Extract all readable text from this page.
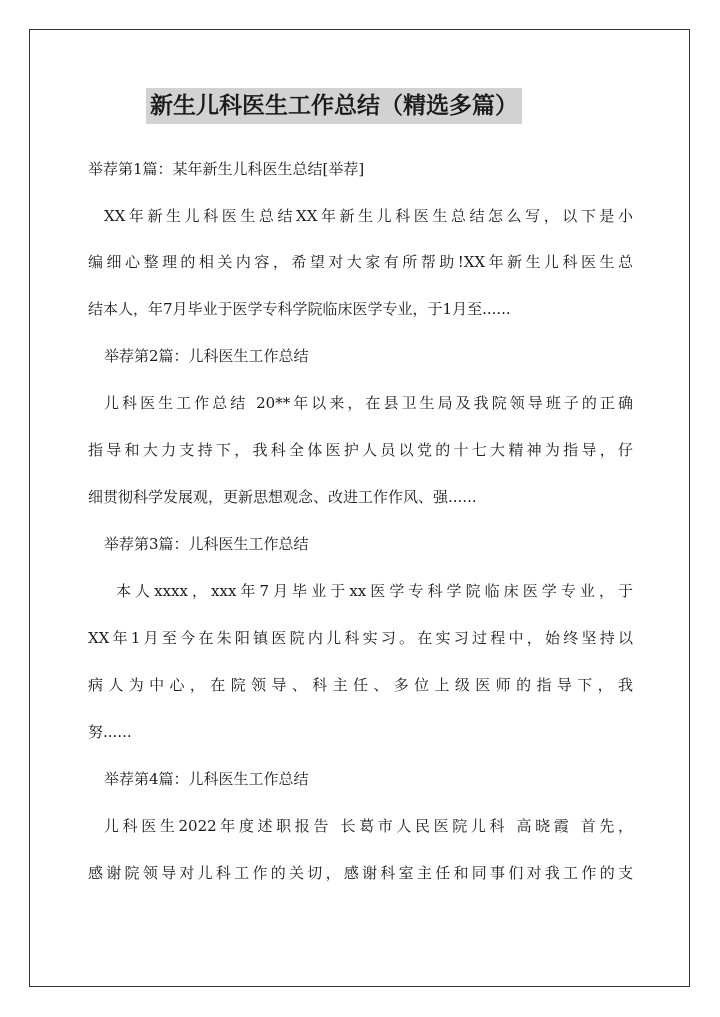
新生儿科医生工作总结（精选多篇）
举荐第1篇：某年新生儿科医生总结[举荐]
XX年新生儿科医生总结XX年新生儿科医生总结怎么写，以下是小
编细心整理的相关内容，希望对大家有所帮助!XX年新生儿科医生总
结本人，年7月毕业于医学专科学院临床医学专业，于1月至......
举荐第2篇：儿科医生工作总结
儿科医生工作总结 20**年以来，在县卫生局及我院领导班子的正确
指导和大力支持下，我科全体医护人员以党的十七大精神为指导，仔
细贯彻科学发展观，更新思想观念、改进工作作风、强......
举荐第3篇：儿科医生工作总结
本人xxxx，xxx年7月毕业于xx医学专科学院临床医学专业，于
XX年1月至今在朱阳镇医院内儿科实习。在实习过程中，始终坚持以
病人为中心，在院领导、科主任、多位上级医师的指导下，我
努......
举荐第4篇：儿科医生工作总结
儿科医生2022年度述职报告 长葛市人民医院儿科 高晓霞 首先，
感谢院领导对儿科工作的关切，感谢科室主任和同事们对我工作的支
